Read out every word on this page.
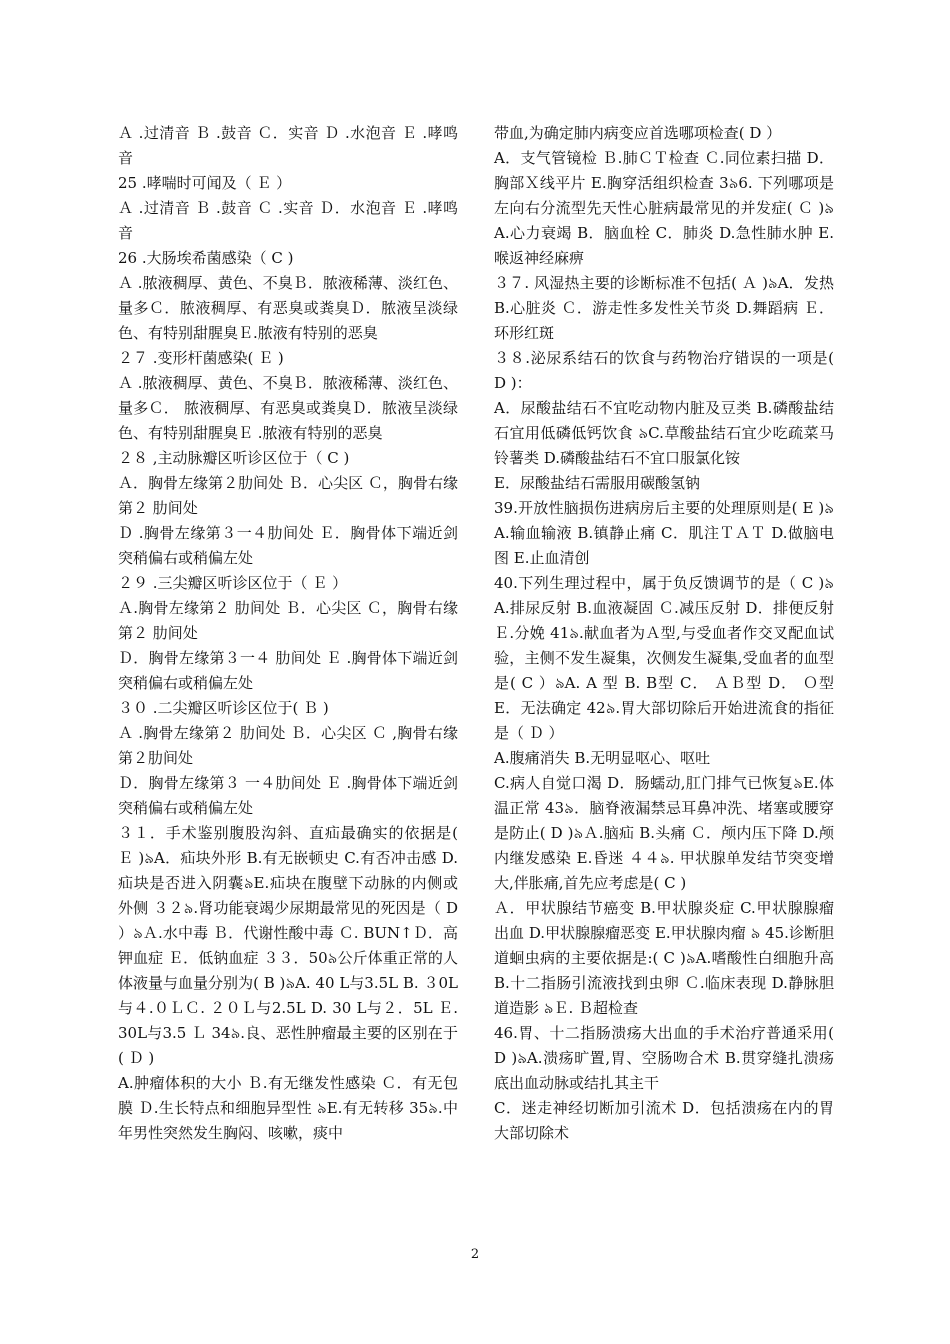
Ａ .过清音 Ｂ .鼓音 Ｃ．实音 Ｄ .水泡音 Ｅ .哮鸣音

25 .哮喘时可闻及（ Ｅ ）

Ａ .过清音 Ｂ .鼓音 Ｃ .实音 Ｄ．水泡音 Ｅ .哮鸣音

26 .大肠埃希菌感染（ C )

Ａ .脓液稠厚、黄色、不臭Ｂ．脓液稀薄、淡红色、量多Ｃ．脓液稠厚、有恶臭或粪臭Ｄ．脓液呈淡绿色、有特别甜腥臭Ｅ.脓液有特别的恶臭

２７ .变形杆菌感染( Ｅ )

Ａ .脓液稠厚、黄色、不臭Ｂ．脓液稀薄、淡红色、量多Ｃ． 脓液稠厚、有恶臭或粪臭Ｄ．脓液呈淡绿色、有特别甜腥臭Ｅ .脓液有特别的恶臭

２８ ,主动脉瓣区听诊区位于（ C )

Ａ．胸骨左缘第２肋间处 Ｂ．心尖区 Ｃ，胸骨右缘第２ 肋间处

Ｄ .胸骨左缘第３一４肋间处 Ｅ．胸骨体下端近剑突稍偏右或稍偏左处

２９ .三尖瓣区听诊区位于（ Ｅ ）

Ａ.胸骨左缘第２ 肋间处 Ｂ．心尖区 Ｃ，胸骨右缘第２ 肋间处

Ｄ．胸骨左缘第３一４ 肋间处 Ｅ .胸骨体下端近剑突稍偏右或稍偏左处

３０ .二尖瓣区听诊区位于( Ｂ )

Ａ .胸骨左缘第２ 肋间处 Ｂ．心尖区 Ｃ ,胸骨右缘第２肋间处

Ｄ．胸骨左缘第３ 一４肋间处 Ｅ .胸骨体下端近剑突稍偏右或稍偏左处

３１．手术鉴别腹股沟斜、直疝最确实的依据是( Ｅ )৯A．疝块外形 B.有无嵌顿史 C.有否冲击感 D.疝块是否进入阴囊৯E.疝块在腹壁下动脉的内侧或外侧 ３２৯.肾功能衰竭少尿期最常见的死因是（ D ）৯Ａ.水中毒 Ｂ．代谢性酸中毒 Ｃ. BUN↑Ｄ．高钾血症 Ｅ．低钠血症 ３３．50৯公斤体重正常的人体液量与血量分别为( B )৯A. 40 L与3.5L B. ３0L与４.０ＬＣ. ２０Ｌ与2.5L D. 30 L与２．5L Ｅ. 30L与3.5 Ｌ 34৯.良、恶性肿瘤最主要的区别在于( Ｄ )

A.肿瘤体积的大小 Ｂ.有无继发性感染 Ｃ．有无包膜 Ｄ.生长特点和细胞异型性 ৯E.有无转移 35৯.中年男性突然发生胸闷、咳嗽，痰中

带血,为确定肺内病变应首选哪项检查( D ）

A．支气管镜检 Ｂ.肺ＣＴ检查 Ｃ.同位素扫描 D．胸部Ｘ线平片 E.胸穿活组织检查 3৯6. 下列哪项是左向右分流型先天性心脏病最常见的并发症( Ｃ )৯A.心力衰竭 B．脑血栓 C．肺炎 D.急性肺水肿 E.喉返神经麻痹

３７. 风湿热主要的诊断标准不包括( Ａ )৯A．发热 B.心脏炎 Ｃ．游走性多发性关节炎 D.舞蹈病 Ｅ．环形红斑

３８.泌尿系结石的饮食与药物治疗错误的一项是( D )：

A．尿酸盐结石不宜吃动物内脏及豆类 B.磷酸盐结石宜用低磷低钙饮食 ৯C.草酸盐结石宜少吃疏菜马铃薯类 D.磷酸盐结石不宜口服氯化铵

E．尿酸盐结石需服用碳酸氢钠

39.开放性脑损伤进病房后主要的处理原则是( E )৯A.输血输液 B.镇静止痛 C．肌注ＴＡＴ D.做脑电图 E.止血清创

40.下列生理过程中，属于负反馈调节的是（ C )৯A.排尿反射 B.血液凝固 Ｃ.减压反射 D．排便反射 Ｅ.分娩 41৯.献血者为Ａ型,与受血者作交叉配血试验，主侧不发生凝集，次侧发生凝集,受血者的血型是( C ）৯A. A 型 B. B型 C． ＡＢ型 D． Ｏ型 E．无法确定 42৯.胃大部切除后开始进流食的指征是（ Ｄ ）

A.腹痛消失 B.无明显呕心、呕吐

C.病人自觉口渴 D．肠蠕动,肛门排气已恢复৯E.体温正常 43৯．脑脊液漏禁忌耳鼻冲洗、堵塞或腰穿是防止( D )৯Ａ.脑疝 B.头痛 Ｃ．颅内压下降 D.颅内继发感染 E.昏迷 ４４৯. 甲状腺单发结节突变增大,伴胀痛,首先应考虑是( C )

Ａ．甲状腺结节癌变 B.甲状腺炎症 C.甲状腺腺瘤出血 D.甲状腺腺瘤恶变 E.甲状腺肉瘤 ৯ 45.诊断胆道蛔虫病的主要依据是:( C )৯A.嗜酸性白细胞升高 B.十二指肠引流液找到虫卵 Ｃ.临床表现 D.静脉胆道造影 ৯Ｅ. Ｂ超检查

46.胃、十二指肠溃疡大出血的手术治疗普通采用( D )৯A.溃疡旷置,胃、空肠吻合术 B.贯穿缝扎溃疡底出血动脉或结扎其主干

C．迷走神经切断加引流术 D．包括溃疡在内的胃大部切除术

2
